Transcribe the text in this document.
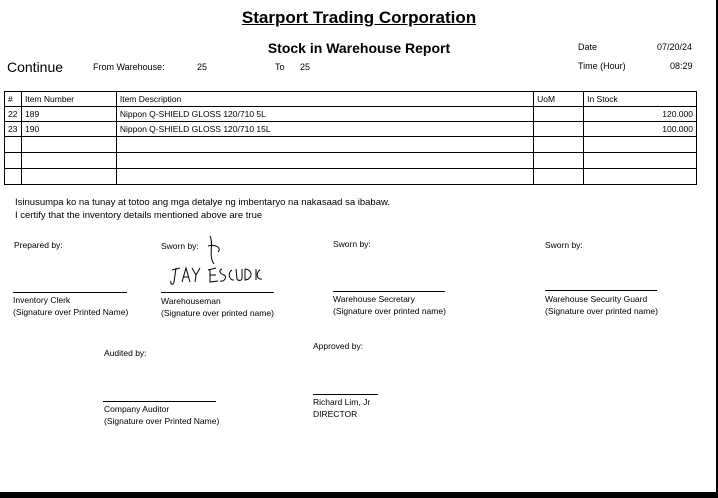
Starport Trading Corporation
Stock in Warehouse Report
Continue	From Warehouse:	25	To 25
Date	07/20/24
Time (Hour)	08:29
#	Item Number	Item Description	UoM	In Stock
22	189	Nippon Q-SHIELD GLOSS 120/710 5L		120.000
23	190	Nippon Q-SHIELD GLOSS 120/710 15L		100.000

Isinusumpa ko na tunay at totoo ang mga detalye ng imbentaryo na nakasaad sa ibabaw.
I certify that the inventory details mentioned above are true
Prepared by:	Sworn by:	Sworn by:	Sworn by:
Inventory Clerk
(Signature over Printed Name)
Warehouseman
(Signature over printed name)
Warehouse Secretary
(Signature over printed name)
Warehouse Security Guard
(Signature over printed name)
Audited by:
Approved by:
Company Auditor
(Signature over Printed Name)
Richard Lim, Jr
DIRECTOR
